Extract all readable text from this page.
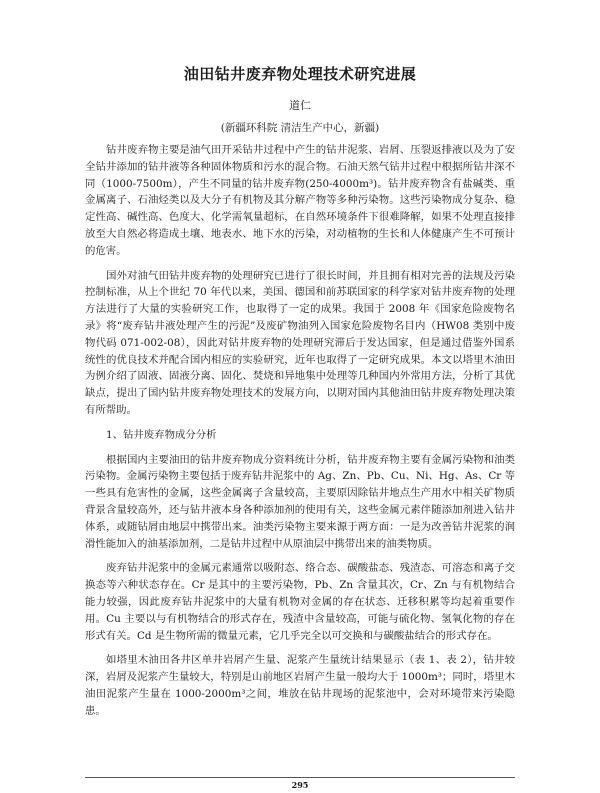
油田钻井废弃物处理技术研究进展
道仁
(新疆环科院 清洁生产中心，新疆)

钻井废弃物主要是油气田开采钻井过程中产生的钻井泥浆、岩屑、压裂返排液以及为了安全钻井添加的钻井液等各种固体物质和污水的混合物。石油天然气钻井过程中根据所钻井深不同（1000-7500m），产生不同量的钻井废弃物(250-4000m³)。钻井废弃物含有盐碱类、重金属离子、石油烃类以及大分子有机物及其分解产物等多种污染物。这些污染物成分复杂、稳定性高、碱性高、色度大、化学需氧量超标，在自然环境条件下很难降解，如果不处理直接排放至大自然必将造成土壤、地表水、地下水的污染，对动植物的生长和人体健康产生不可预计的危害。

国外对油气田钻井废弃物的处理研究已进行了很长时间，并且拥有相对完善的法规及污染控制标准，从上个世纪 70 年代以来，美国、德国和前苏联国家的科学家对钻井废弃物的处理方法进行了大量的实验研究工作，也取得了一定的成果。我国于 2008 年《国家危险废物名录》将“废弃钻井液处理产生的污泥”及废矿物油列入国家危险废物名目内（HW08 类别中废物代码 071-002-08），因此对钻井废弃物的处理研究滞后于发达国家，但是通过借鉴外国系统性的优良技术并配合国内相应的实验研究，近年也取得了一定研究成果。本文以塔里木油田为例介绍了固液、固液分离、固化、焚烧和异地集中处理等几种国内外常用方法，分析了其优缺点，提出了国内钻井废弃物处理技术的发展方向，以期对国内其他油田钻井废弃物处理决策有所帮助。

1、钻井废弃物成分分析

根据国内主要油田的钻井废弃物成分资料统计分析，钻井废弃物主要有金属污染物和油类污染物。金属污染物主要包括于废弃钻井泥浆中的 Ag、Zn、Pb、Cu、Ni、Hg、As、Cr 等一些具有危害性的金属，这些金属离子含量较高，主要原因除钻井地点生产用水中相关矿物质背景含量较高外，还与钻井液本身各种添加剂的使用有关，这些金属元素伴随添加剂进入钻井体系，或随钻屑由地层中携带出来。油类污染物主要来源于两方面：一是为改善钻井泥浆的润滑性能加入的油基添加剂，二是钻井过程中从原油层中携带出来的油类物质。

废弃钻井泥浆中的金属元素通常以吸附态、络合态、碳酸盐态、残渣态、可溶态和离子交换态等六种状态存在。Cr 是其中的主要污染物，Pb、Zn 含量其次，Cr、Zn 与有机物结合能力较强，因此废弃钻井泥浆中的大量有机物对金属的存在状态、迁移积累等均起着重要作用。Cu 主要以与有机物结合的形式存在，残渣中含量较高，可能与硫化物、氢氧化物的存在形式有关。Cd 是生物所需的微量元素，它几乎完全以可交换和与碳酸盐结合的形式存在。

如塔里木油田各井区单井岩屑产生量、泥浆产生量统计结果显示（表 1、表 2），钻井较深，岩屑及泥浆产生量较大，特别是山前地区岩屑产生量一般均大于 1000m³；同时，塔里木油田泥浆产生量在 1000-2000m³之间，堆放在钻井现场的泥浆池中，会对环境带来污染隐患。

295
